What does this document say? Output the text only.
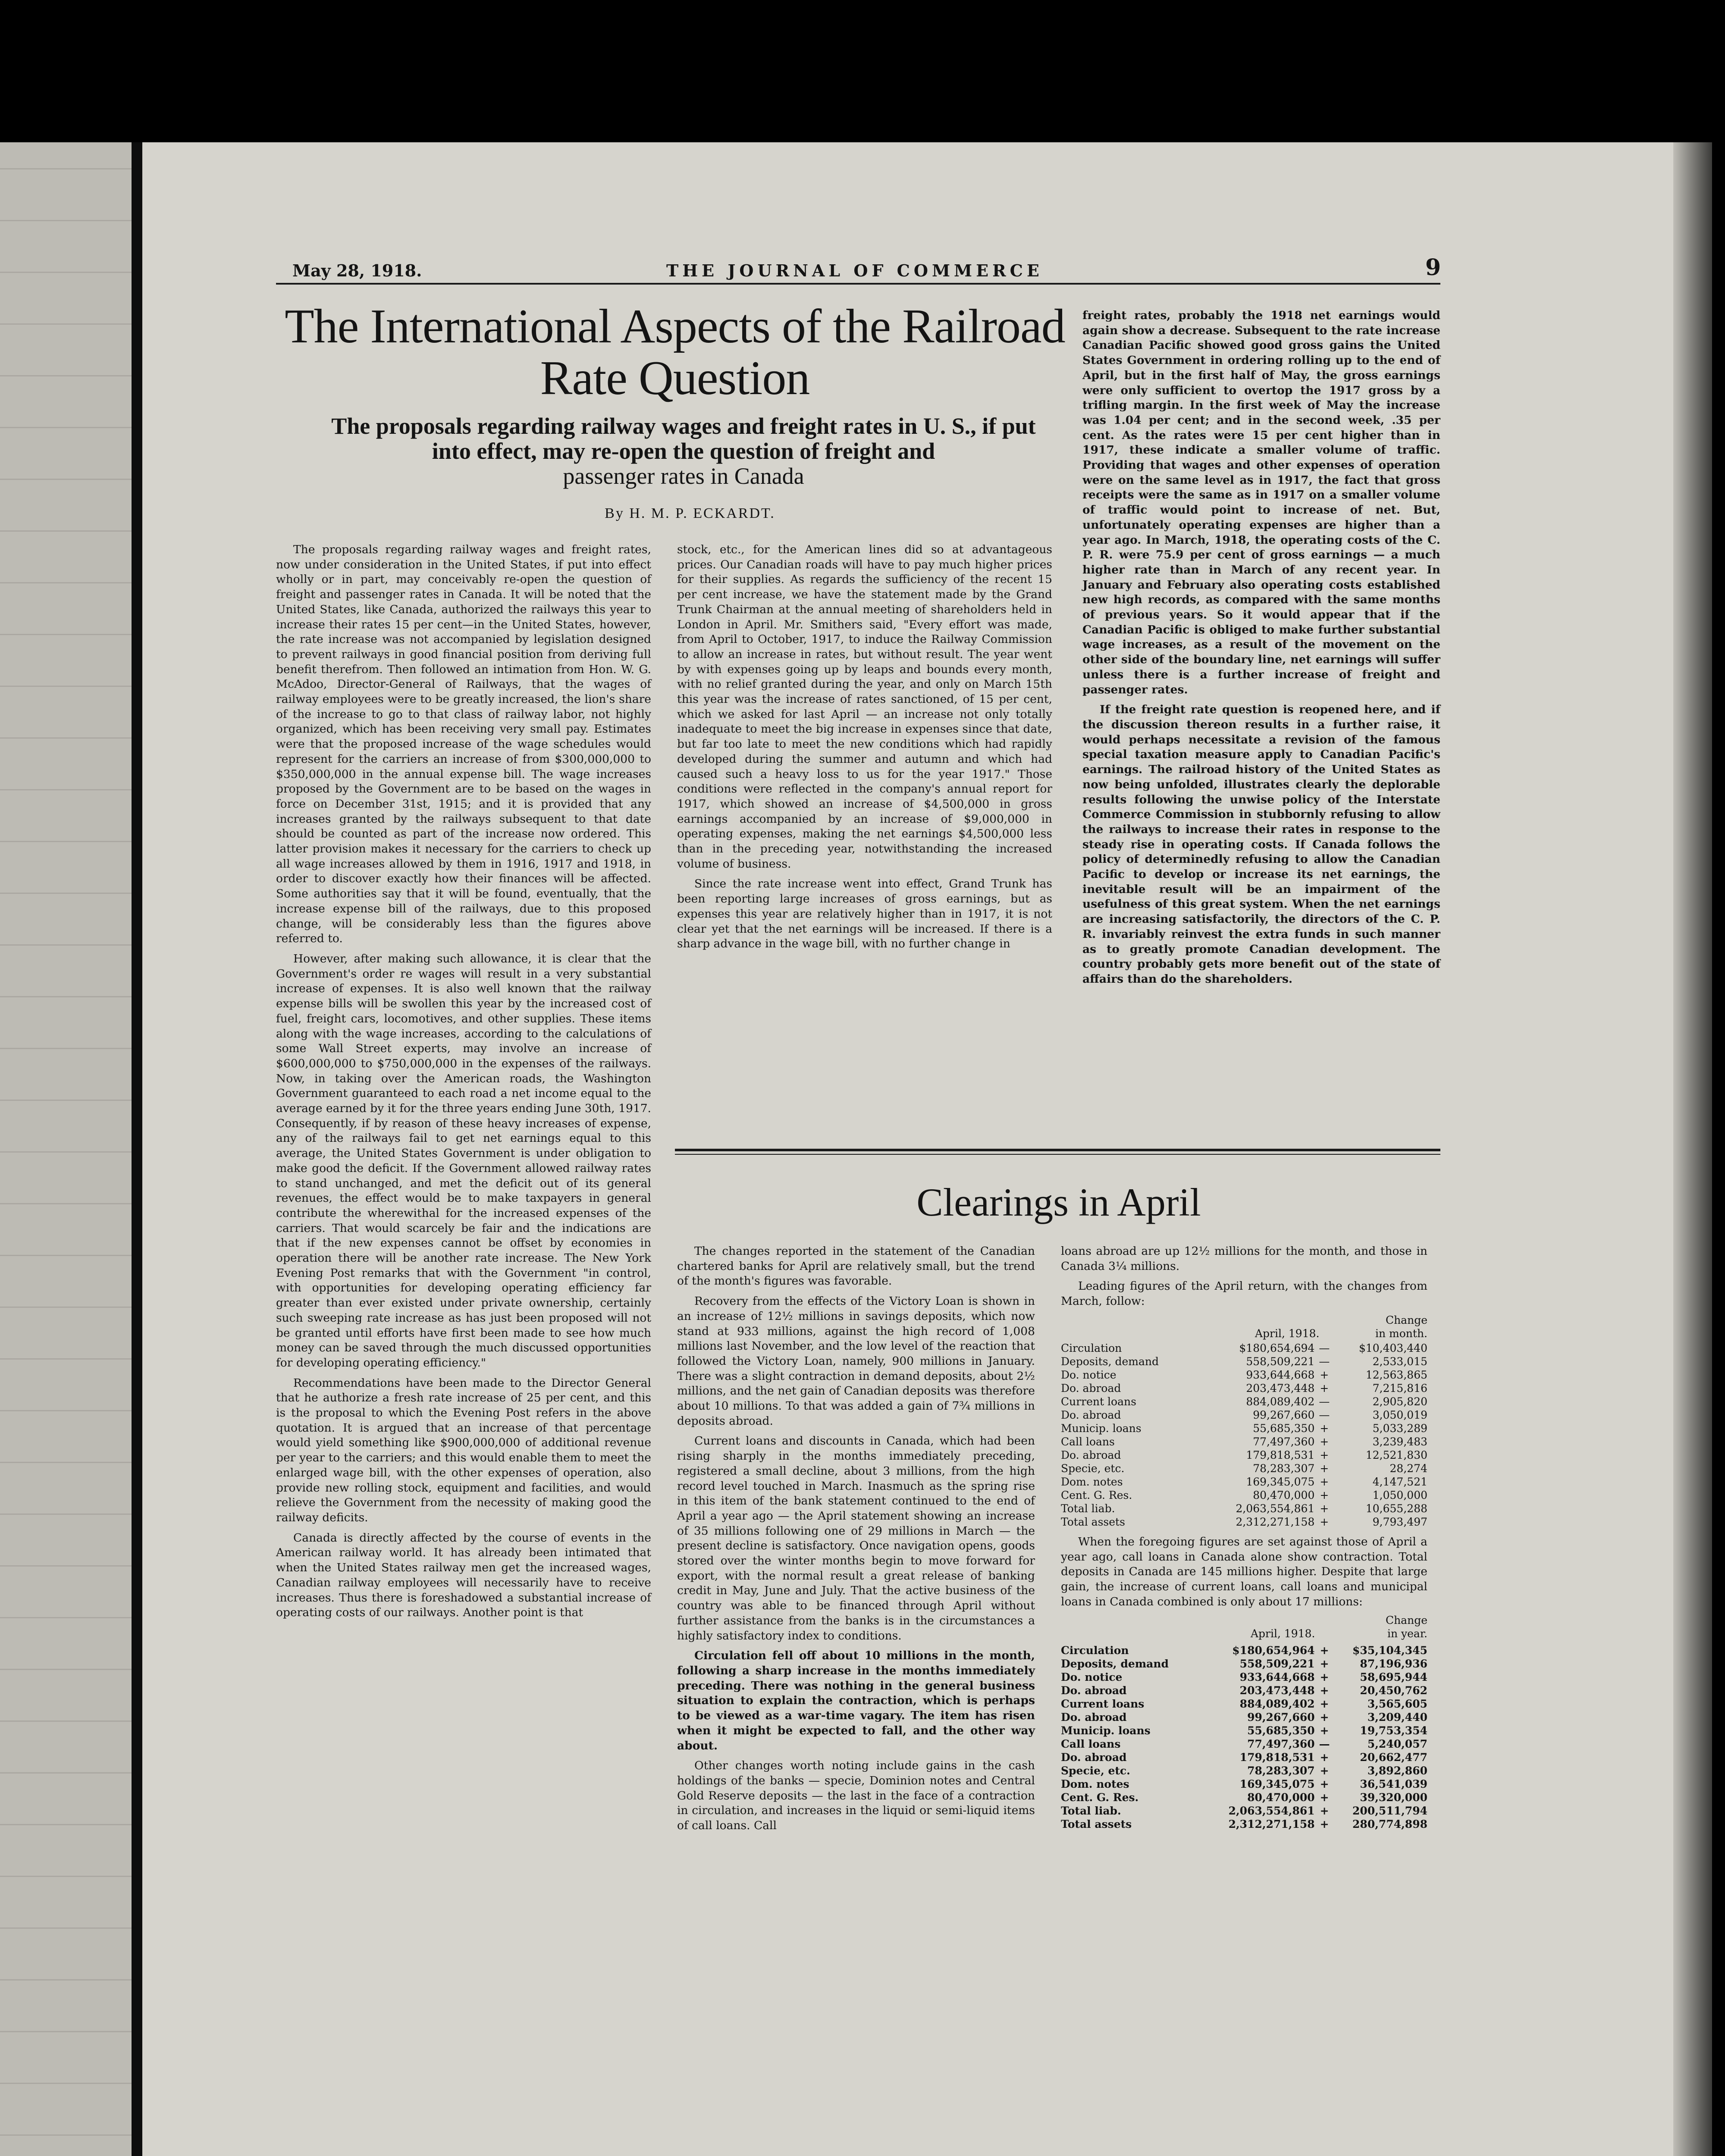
May 28, 1918.	THE JOURNAL OF COMMERCE	9
The International Aspects of the Railroad
Rate Question
The proposals regarding railway wages and freight rates in U. S., if put
into effect, may re-open the question of freight and
passenger rates in Canada
By H. M. P. ECKARDT.

The proposals regarding railway wages and freight rates, now under consideration in the United States, if put into effect wholly or in part, may conceivably re-open the question of freight and passenger rates in Canada. It will be noted that the United States, like Canada, authorized the railways this year to increase their rates 15 per cent—in the United States, however, the rate increase was not accompanied by legislation designed to prevent railways in good financial position from deriving full benefit therefrom. Then followed an intimation from Hon. W. G. McAdoo, Director-General of Railways, that the wages of railway employees were to be greatly increased, the lion's share of the increase to go to that class of railway labor, not highly organized, which has been receiving very small pay. Estimates were that the proposed increase of the wage schedules would represent for the carriers an increase of from $300,000,000 to $350,000,000 in the annual expense bill. The wage increases proposed by the Government are to be based on the wages in force on December 31st, 1915; and it is provided that any increases granted by the railways subsequent to that date should be counted as part of the increase now ordered. This latter provision makes it necessary for the carriers to check up all wage increases allowed by them in 1916, 1917 and 1918, in order to discover exactly how their finances will be affected. Some authorities say that it will be found, eventually, that the increase expense bill of the railways, due to this proposed change, will be considerably less than the figures above referred to.

However, after making such allowance, it is clear that the Government's order re wages will result in a very substantial increase of expenses. It is also well known that the railway expense bills will be swollen this year by the increased cost of fuel, freight cars, locomotives, and other supplies. These items along with the wage increases, according to the calculations of some Wall Street experts, may involve an increase of $600,000,000 to $750,000,000 in the expenses of the railways. Now, in taking over the American roads, the Washington Government guaranteed to each road a net income equal to the average earned by it for the three years ending June 30th, 1917. Consequently, if by reason of these heavy increases of expense, any of the railways fail to get net earnings equal to this average, the United States Government is under obligation to make good the deficit. If the Government allowed railway rates to stand unchanged, and met the deficit out of its general revenues, the effect would be to make taxpayers in general contribute the wherewithal for the increased expenses of the carriers. That would scarcely be fair and the indications are that if the new expenses cannot be offset by economies in operation there will be another rate increase. The New York Evening Post remarks that with the Government "in control, with opportunities for developing operating efficiency far greater than ever existed under private ownership, certainly such sweeping rate increase as has just been proposed will not be granted until efforts have first been made to see how much money can be saved through the much discussed opportunities for developing operating efficiency."

Recommendations have been made to the Director General that he authorize a fresh rate increase of 25 per cent, and this is the proposal to which the Evening Post refers in the above quotation. It is argued that an increase of that percentage would yield something like $900,000,000 of additional revenue per year to the carriers; and this would enable them to meet the enlarged wage bill, with the other expenses of operation, also provide new rolling stock, equipment and facilities, and would relieve the Government from the necessity of making good the railway deficits.

Canada is directly affected by the course of events in the American railway world. It has already been intimated that when the United States railway men get the increased wages, Canadian railway employees will necessarily have to receive increases. Thus there is foreshadowed a substantial increase of operating costs of our railways. Another point is that

stock, etc., for the American lines did so at advantageous prices. Our Canadian roads will have to pay much higher prices for their supplies. As regards the sufficiency of the recent 15 per cent increase, we have the statement made by the Grand Trunk Chairman at the annual meeting of shareholders held in London in April. Mr. Smithers said, "Every effort was made, from April to October, 1917, to induce the Railway Commission to allow an increase in rates, but without result. The year went by with expenses going up by leaps and bounds every month, with no relief granted during the year, and only on March 15th this year was the increase of rates sanctioned, of 15 per cent, which we asked for last April — an increase not only totally inadequate to meet the big increase in expenses since that date, but far too late to meet the new conditions which had rapidly developed during the summer and autumn and which had caused such a heavy loss to us for the year 1917." Those conditions were reflected in the company's annual report for 1917, which showed an increase of $4,500,000 in gross earnings accompanied by an increase of $9,000,000 in operating expenses, making the net earnings $4,500,000 less than in the preceding year, notwithstanding the increased volume of business.

Since the rate increase went into effect, Grand Trunk has been reporting large increases of gross earnings, but as expenses this year are relatively higher than in 1917, it is not clear yet that the net earnings will be increased. If there is a sharp advance in the wage bill, with no further change in

freight rates, probably the 1918 net earnings would again show a decrease. Subsequent to the rate increase Canadian Pacific showed good gross gains the United States Government in ordering rolling up to the end of April, but in the first half of May, the gross earnings were only sufficient to overtop the 1917 gross by a trifling margin. In the first week of May the increase was 1.04 per cent; and in the second week, .35 per cent. As the rates were 15 per cent higher than in 1917, these indicate a smaller volume of traffic. Providing that wages and other expenses of operation were on the same level as in 1917, the fact that gross receipts were the same as in 1917 on a smaller volume of traffic would point to increase of net. But, unfortunately operating expenses are higher than a year ago. In March, 1918, the operating costs of the C. P. R. were 75.9 per cent of gross earnings — a much higher rate than in March of any recent year. In January and February also operating costs established new high records, as compared with the same months of previous years. So it would appear that if the Canadian Pacific is obliged to make further substantial wage increases, as a result of the movement on the other side of the boundary line, net earnings will suffer unless there is a further increase of freight and passenger rates.

If the freight rate question is reopened here, and if the discussion thereon results in a further raise, it would perhaps necessitate a revision of the famous special taxation measure apply to Canadian Pacific's earnings. The railroad history of the United States as now being unfolded, illustrates clearly the deplorable results following the unwise policy of the Interstate Commerce Commission in stubbornly refusing to allow the railways to increase their rates in response to the steady rise in operating costs. If Canada follows the policy of determinedly refusing to allow the Canadian Pacific to develop or increase its net earnings, the inevitable result will be an impairment of the usefulness of this great system. When the net earnings are increasing satisfactorily, the directors of the C. P. R. invariably reinvest the extra funds in such manner as to greatly promote Canadian development. The country probably gets more benefit out of the state of affairs than do the shareholders.

Clearings in April

The changes reported in the statement of the Canadian chartered banks for April are relatively small, but the trend of the month's figures was favorable.

Recovery from the effects of the Victory Loan is shown in an increase of 12½ millions in savings deposits, which now stand at 933 millions, against the high record of 1,008 millions last November, and the low level of the reaction that followed the Victory Loan, namely, 900 millions in January. There was a slight contraction in demand deposits, about 2½ millions, and the net gain of Canadian deposits was therefore about 10 millions. To that was added a gain of 7¾ millions in deposits abroad.

Current loans and discounts in Canada, which had been rising sharply in the months immediately preceding, registered a small decline, about 3 millions, from the high record level touched in March. Inasmuch as the spring rise in this item of the bank statement continued to the end of April a year ago — the April statement showing an increase of 35 millions following one of 29 millions in March — the present decline is satisfactory. Once navigation opens, goods stored over the winter months begin to move forward for export, with the normal result a great release of banking credit in May, June and July. That the active business of the country was able to be financed through April without further assistance from the banks is in the circumstances a highly satisfactory index to conditions.

Circulation fell off about 10 millions in the month, following a sharp increase in the months immediately preceding. There was nothing in the general business situation to explain the contraction, which is perhaps to be viewed as a war-time vagary. The item has risen when it might be expected to fall, and the other way about.

Other changes worth noting include gains in the cash holdings of the banks — specie, Dominion notes and Central Gold Reserve deposits — the last in the face of a contraction in circulation, and increases in the liquid or semi-liquid items of call loans. Call

loans abroad are up 12½ millions for the month, and those in Canada 3¼ millions.

Leading figures of the April return, with the changes from March, follow:

Change
April, 1918.	in month.
Circulation	$180,654,694	—	$10,403,440
Deposits, demand	558,509,221	—	2,533,015
Do. notice	933,644,668	+	12,563,865
Do. abroad	203,473,448	+	7,215,816
Current loans	884,089,402	—	2,905,820
Do. abroad	99,267,660	—	3,050,019
Municip. loans	55,685,350	+	5,033,289
Call loans	77,497,360	+	3,239,483
Do. abroad	179,818,531	+	12,521,830
Specie, etc.	78,283,307	+	28,274
Dom. notes	169,345,075	+	4,147,521
Cent. G. Res.	80,470,000	+	1,050,000
Total liab.	2,063,554,861	+	10,655,288
Total assets	2,312,271,158	+	9,793,497

When the foregoing figures are set against those of April a year ago, call loans in Canada alone show contraction. Total deposits in Canada are 145 millions higher. Despite that large gain, the increase of current loans, call loans and municipal loans in Canada combined is only about 17 millions:

Change
April, 1918.	in year.
Circulation	$180,654,964	+	$35,104,345
Deposits, demand	558,509,221	+	87,196,936
Do. notice	933,644,668	+	58,695,944
Do. abroad	203,473,448	+	20,450,762
Current loans	884,089,402	+	3,565,605
Do. abroad	99,267,660	+	3,209,440
Municip. loans	55,685,350	+	19,753,354
Call loans	77,497,360	—	5,240,057
Do. abroad	179,818,531	+	20,662,477
Specie, etc.	78,283,307	+	3,892,860
Dom. notes	169,345,075	+	36,541,039
Cent. G. Res.	80,470,000	+	39,320,000
Total liab.	2,063,554,861	+	200,511,794
Total assets	2,312,271,158	+	280,774,898
